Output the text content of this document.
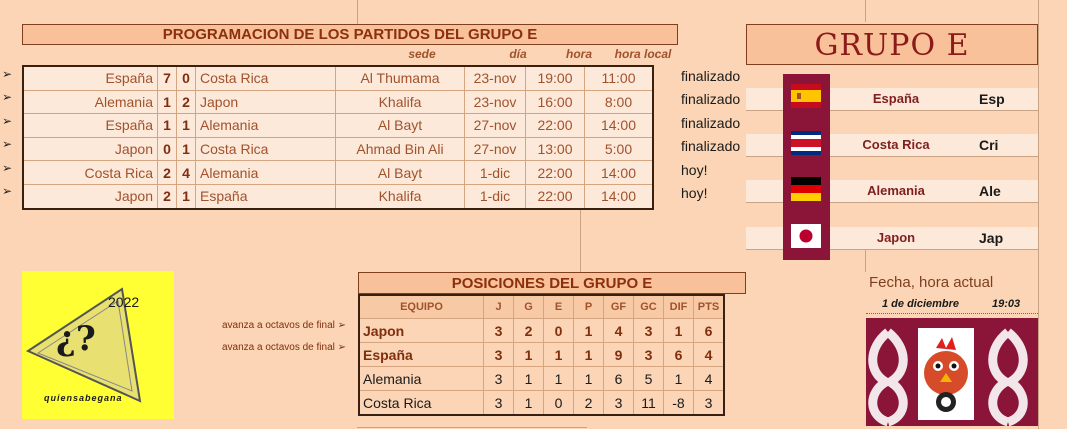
PROGRAMACION DE LOS PARTIDOS DEL GRUPO E
sede	día	hora	hora local
España	7	0	Costa Rica	Al Thumama	23-nov	19:00	11:00
Alemania	1	2	Japon	Khalifa	23-nov	16:00	8:00
España	1	1	Alemania	Al Bayt	27-nov	22:00	14:00
Japon	0	1	Costa Rica	Ahmad Bin Ali	27-nov	13:00	5:00
Costa Rica	2	4	Alemania	Al Bayt	1-dic	22:00	14:00
Japon	2	1	España	Khalifa	1-dic	22:00	14:00
GRUPO E
España	Esp
Costa Rica	Cri
Alemania	Ale
Japon	Jap
POSICIONES DEL GRUPO E
EQUIPO	J	G	E	P	GF	GC	DIF	PTS
Japon	3	2	0	1	4	3	1	6
España	3	1	1	1	9	3	6	4
Alemania	3	1	1	1	6	5	1	4
Costa Rica	3	1	0	2	3	11	-8	3
avanza a octavos de final ➢
avanza a octavos de final ➢
2022
¿?
quiensabegana
Fecha, hora actual
1 de diciembre	19:03
➢	finalizado
➢	finalizado
➢	finalizado
➢	finalizado
➢	hoy!
➢	hoy!
